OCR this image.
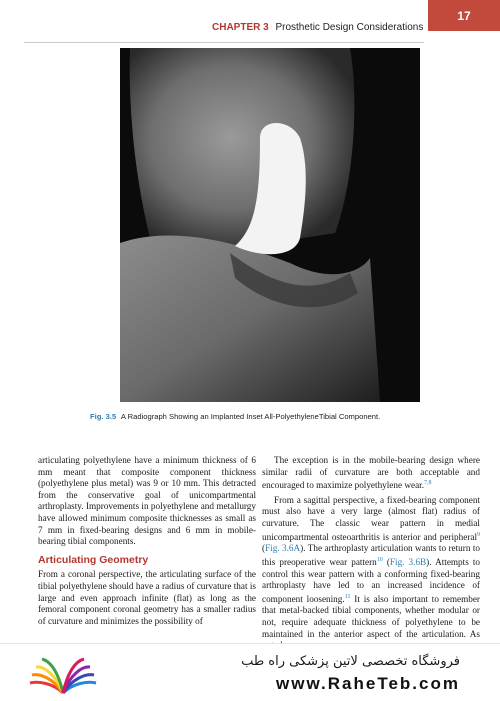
CHAPTER 3 Prosthetic Design Considerations
17
Fig. 3.5 A Radiograph Showing an Implanted Inset All-PolyethyleneTibial Component.

articulating polyethylene have a minimum thickness of 6 mm meant that composite component thickness (polyethylene plus metal) was 9 or 10 mm. This detracted from the conservative goal of unicompartmental arthroplasty. Improvements in polyethylene and metallurgy have allowed minimum composite thicknesses as small as 7 mm in fixed-bearing designs and 6 mm in mobile-bearing tibial components.

Articulating Geometry

From a coronal perspective, the articulating surface of the tibial polyethylene should have a radius of curvature that is large and even approach infinite (flat) as long as the femoral component coronal geometry has a smaller radius of curvature and minimizes the possibility of

The exception is in the mobile-bearing design where similar radii of curvature are both acceptable and encouraged to maximize polyethylene wear.$^{7,8}$

From a sagittal perspective, a fixed-bearing component must also have a very large (almost flat) radius of curvature. The classic wear pattern in medial unicompartmental osteoarthritis is anterior and peripheral$^9$ (Fig. 3.6A). The arthroplasty articulation wants to return to this preoperative wear pattern$^{10}$ (Fig. 3.6B). Attempts to control this wear pattern with a conforming fixed-bearing arthroplasty have led to an increased incidence of component loosening.$^{11}$ It is also important to remember that metal-backed tibial components, whether modular or not, require adequate thickness of polyethylene to be maintained in the anterior aspect of the articulation. As

فروشگاه تخصصی لاتین پزشکی راه طب
www.RaheTeb.com
